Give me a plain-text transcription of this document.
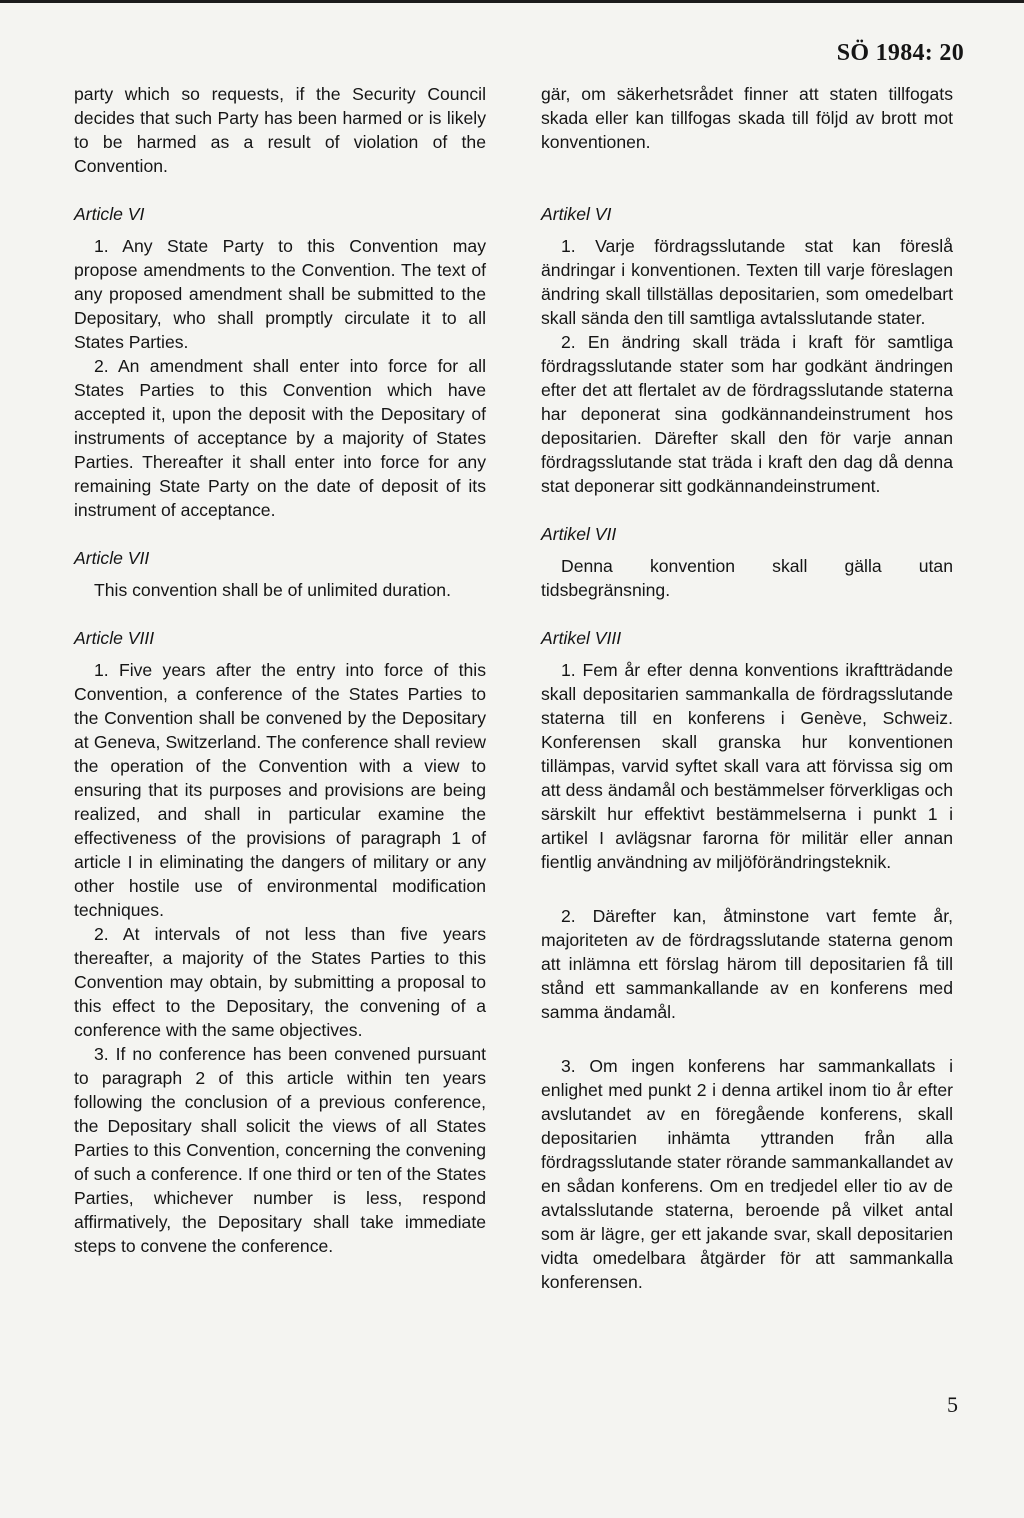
SÖ 1984: 20

party which so requests, if the Security Council decides that such Party has been harmed or is likely to be harmed as a result of violation of the Convention.

Article VI

1. Any State Party to this Convention may propose amendments to the Convention. The text of any proposed amendment shall be submitted to the Depositary, who shall promptly circulate it to all States Parties.

2. An amendment shall enter into force for all States Parties to this Convention which have accepted it, upon the deposit with the Depositary of instruments of acceptance by a majority of States Parties. Thereafter it shall enter into force for any remaining State Party on the date of deposit of its instrument of acceptance.

Article VII

This convention shall be of unlimited duration.

Article VIII

1. Five years after the entry into force of this Convention, a conference of the States Parties to the Convention shall be convened by the Depositary at Geneva, Switzerland. The conference shall review the operation of the Convention with a view to ensuring that its purposes and provisions are being realized, and shall in particular examine the effectiveness of the provisions of paragraph 1 of article I in eliminating the dangers of military or any other hostile use of environmental modification techniques.

2. At intervals of not less than five years thereafter, a majority of the States Parties to this Convention may obtain, by submitting a proposal to this effect to the Depositary, the convening of a conference with the same objectives.

3. If no conference has been convened pursuant to paragraph 2 of this article within ten years following the conclusion of a previous conference, the Depositary shall solicit the views of all States Parties to this Convention, concerning the convening of such a conference. If one third or ten of the States Parties, whichever number is less, respond affirmatively, the Depositary shall take immediate steps to convene the conference.

gär, om säkerhetsrådet finner att staten tillfogats skada eller kan tillfogas skada till följd av brott mot konventionen.

Artikel VI

1. Varje fördragsslutande stat kan föreslå ändringar i konventionen. Texten till varje föreslagen ändring skall tillställas depositarien, som omedelbart skall sända den till samtliga avtalsslutande stater.

2. En ändring skall träda i kraft för samtliga fördragsslutande stater som har godkänt ändringen efter det att flertalet av de fördragsslutande staterna har deponerat sina godkännandeinstrument hos depositarien. Därefter skall den för varje annan fördragsslutande stat träda i kraft den dag då denna stat deponerar sitt godkännandeinstrument.

Artikel VII

Denna konvention skall gälla utan tidsbegränsning.

Artikel VIII

1. Fem år efter denna konventions ikraftträdande skall depositarien sammankalla de fördragsslutande staterna till en konferens i Genève, Schweiz. Konferensen skall granska hur konventionen tillämpas, varvid syftet skall vara att förvissa sig om att dess ändamål och bestämmelser förverkligas och särskilt hur effektivt bestämmelserna i punkt 1 i artikel I avlägsnar farorna för militär eller annan fientlig användning av miljöförändringsteknik.

2. Därefter kan, åtminstone vart femte år, majoriteten av de fördragsslutande staterna genom att inlämna ett förslag härom till depositarien få till stånd ett sammankallande av en konferens med samma ändamål.

3. Om ingen konferens har sammankallats i enlighet med punkt 2 i denna artikel inom tio år efter avslutandet av en föregående konferens, skall depositarien inhämta yttranden från alla fördragsslutande stater rörande sammankallandet av en sådan konferens. Om en tredjedel eller tio av de avtalsslutande staterna, beroende på vilket antal som är lägre, ger ett jakande svar, skall depositarien vidta omedelbara åtgärder för att sammankalla konferensen.

5
